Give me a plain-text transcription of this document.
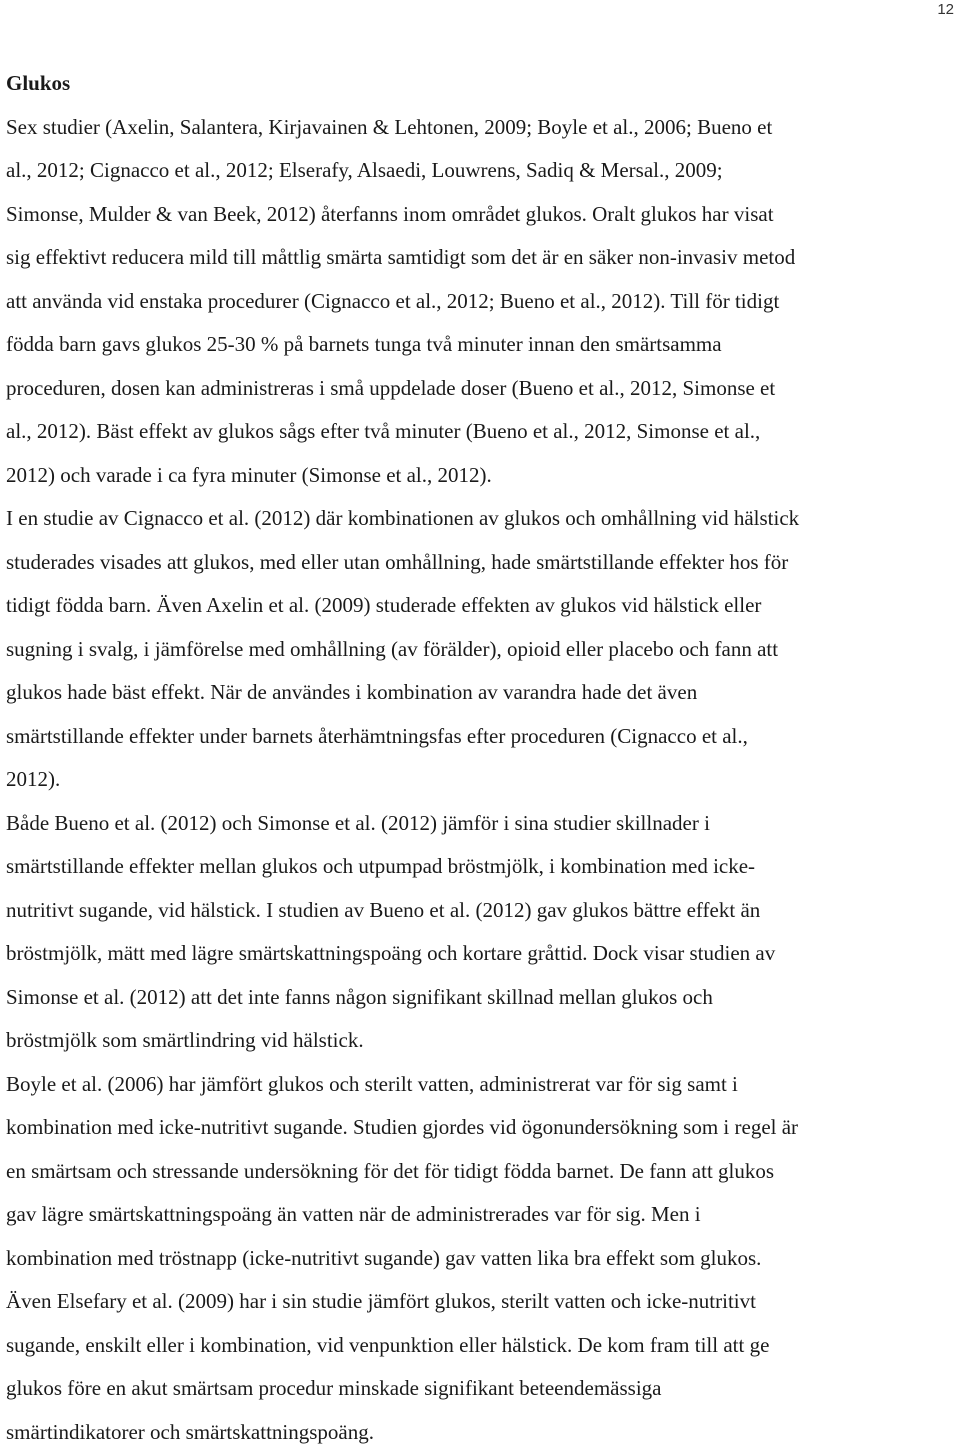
12

Glukos

Sex studier (Axelin, Salantera, Kirjavainen & Lehtonen, 2009; Boyle et al., 2006; Bueno et
al., 2012; Cignacco et al., 2012; Elserafy, Alsaedi, Louwrens, Sadiq & Mersal., 2009;
Simonse, Mulder & van Beek, 2012) återfanns inom området glukos. Oralt glukos har visat
sig effektivt reducera mild till måttlig smärta samtidigt som det är en säker non-invasiv metod
att använda vid enstaka procedurer (Cignacco et al., 2012; Bueno et al., 2012). Till för tidigt
födda barn gavs glukos 25-30 % på barnets tunga två minuter innan den smärtsamma
proceduren, dosen kan administreras i små uppdelade doser (Bueno et al., 2012, Simonse et
al., 2012). Bäst effekt av glukos sågs efter två minuter (Bueno et al., 2012, Simonse et al.,
2012) och varade i ca fyra minuter (Simonse et al., 2012).

I en studie av Cignacco et al. (2012) där kombinationen av glukos och omhållning vid hälstick
studerades visades att glukos, med eller utan omhållning, hade smärtstillande effekter hos för
tidigt födda barn. Även Axelin et al. (2009) studerade effekten av glukos vid hälstick eller
sugning i svalg, i jämförelse med omhållning (av förälder), opioid eller placebo och fann att
glukos hade bäst effekt. När de användes i kombination av varandra hade det även
smärtstillande effekter under barnets återhämtningsfas efter proceduren (Cignacco et al.,
2012).

Både Bueno et al. (2012) och Simonse et al. (2012) jämför i sina studier skillnader i
smärtstillande effekter mellan glukos och utpumpad bröstmjölk, i kombination med icke-
nutritivt sugande, vid hälstick. I studien av Bueno et al. (2012) gav glukos bättre effekt än
bröstmjölk, mätt med lägre smärtskattningspoäng och kortare gråttid. Dock visar studien av
Simonse et al. (2012) att det inte fanns någon signifikant skillnad mellan glukos och
bröstmjölk som smärtlindring vid hälstick.

Boyle et al. (2006) har jämfört glukos och sterilt vatten, administrerat var för sig samt i
kombination med icke-nutritivt sugande. Studien gjordes vid ögonundersökning som i regel är
en smärtsam och stressande undersökning för det för tidigt födda barnet. De fann att glukos
gav lägre smärtskattningspoäng än vatten när de administrerades var för sig. Men i
kombination med tröstnapp (icke-nutritivt sugande) gav vatten lika bra effekt som glukos.

Även Elsefary et al. (2009) har i sin studie jämfört glukos, sterilt vatten och icke-nutritivt
sugande, enskilt eller i kombination, vid venpunktion eller hälstick. De kom fram till att ge
glukos före en akut smärtsam procedur minskade signifikant beteendemässiga
smärtindikatorer och smärtskattningspoäng.
